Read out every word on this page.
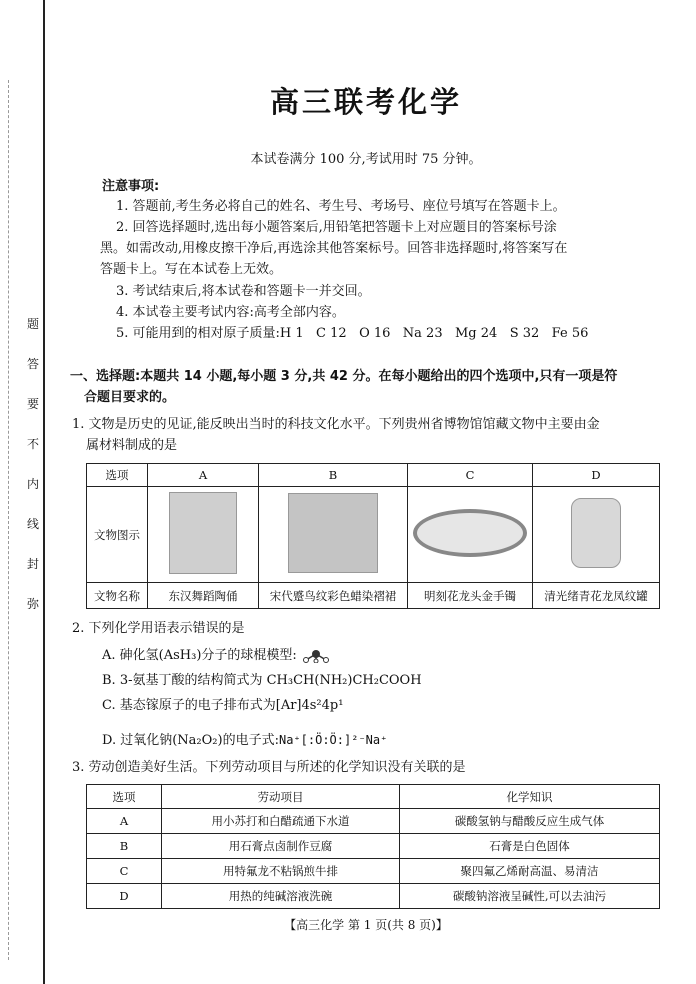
题
答
要
不
内
线
封
弥
高三联考化学
本试卷满分 100 分,考试用时 75 分钟。
注意事项:
1. 答题前,考生务必将自己的姓名、考生号、考场号、座位号填写在答题卡上。
2. 回答选择题时,选出每小题答案后,用铅笔把答题卡上对应题目的答案标号涂
黑。如需改动,用橡皮擦干净后,再选涂其他答案标号。回答非选择题时,将答案写在
答题卡上。写在本试卷上无效。
3. 考试结束后,将本试卷和答题卡一并交回。
4. 本试卷主要考试内容:高考全部内容。
5. 可能用到的相对原子质量:H 1   C 12   O 16   Na 23   Mg 24   S 32   Fe 56
一、选择题:本题共 14 小题,每小题 3 分,共 42 分。在每小题给出的四个选项中,只有一项是符
合题目要求的。
1. 文物是历史的见证,能反映出当时的科技文化水平。下列贵州省博物馆馆藏文物中主要由金
属材料制成的是
选项	A	B	C	D
文物图示				
文物名称	东汉舞蹈陶俑	宋代蹙鸟纹彩色蜡染褶裙	明刻花龙头金手镯	清光绪青花龙凤纹罐
2. 下列化学用语表示错误的是
A. 砷化氢(AsH₃)分子的球棍模型:
B. 3-氨基丁酸的结构简式为 CH₃CH(NH₂)CH₂COOH
C. 基态镓原子的电子排布式为[Ar]4s²4p¹
D. 过氧化钠(Na₂O₂)的电子式:Na⁺[:Ö:Ö:]²⁻Na⁺
3. 劳动创造美好生活。下列劳动项目与所述的化学知识没有关联的是
选项	劳动项目	化学知识
A	用小苏打和白醋疏通下水道	碳酸氢钠与醋酸反应生成气体
B	用石膏点卤制作豆腐	石膏是白色固体
C	用特氟龙不粘锅煎牛排	聚四氟乙烯耐高温、易清洁
D	用热的纯碱溶液洗碗	碳酸钠溶液呈碱性,可以去油污
【高三化学 第 1 页(共 8 页)】
